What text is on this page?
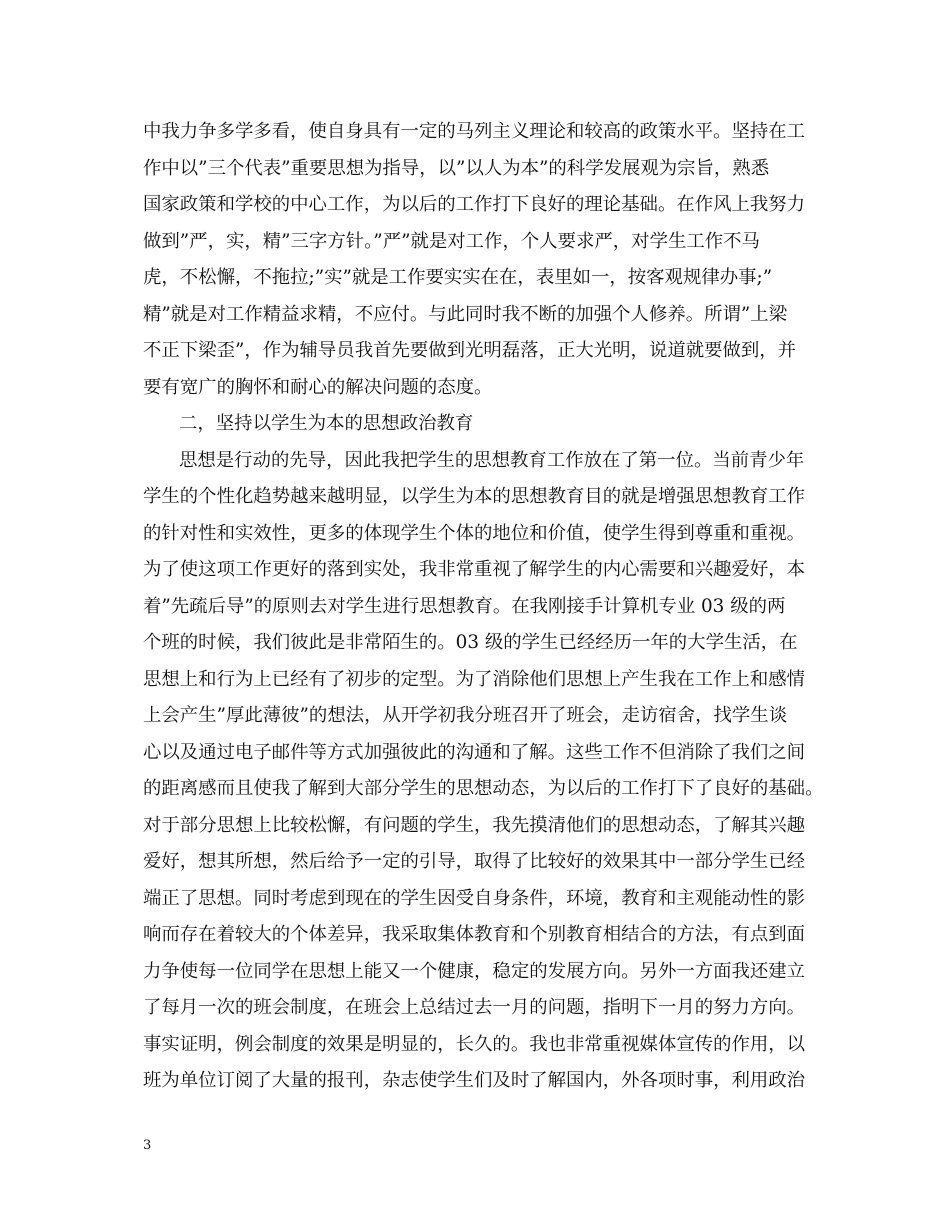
中我力争多学多看，使自身具有一定的马列主义理论和较高的政策水平。坚持在工
作中以”三个代表”重要思想为指导，以”以人为本”的科学发展观为宗旨，熟悉
国家政策和学校的中心工作，为以后的工作打下良好的理论基础。在作风上我努力
做到”严，实，精”三字方针。”严”就是对工作，个人要求严，对学生工作不马
虎，不松懈，不拖拉;”实”就是工作要实实在在，表里如一，按客观规律办事;”
精”就是对工作精益求精，不应付。与此同时我不断的加强个人修养。所谓”上梁
不正下梁歪”，作为辅导员我首先要做到光明磊落，正大光明，说道就要做到，并
要有宽广的胸怀和耐心的解决问题的态度。
二，坚持以学生为本的思想政治教育
思想是行动的先导，因此我把学生的思想教育工作放在了第一位。当前青少年
学生的个性化趋势越来越明显，以学生为本的思想教育目的就是增强思想教育工作
的针对性和实效性，更多的体现学生个体的地位和价值，使学生得到尊重和重视。
为了使这项工作更好的落到实处，我非常重视了解学生的内心需要和兴趣爱好，本
着”先疏后导”的原则去对学生进行思想教育。在我刚接手计算机专业 03 级的两
个班的时候，我们彼此是非常陌生的。03 级的学生已经经历一年的大学生活，在
思想上和行为上已经有了初步的定型。为了消除他们思想上产生我在工作上和感情
上会产生”厚此薄彼”的想法，从开学初我分班召开了班会，走访宿舍，找学生谈
心以及通过电子邮件等方式加强彼此的沟通和了解。这些工作不但消除了我们之间
的距离感而且使我了解到大部分学生的思想动态，为以后的工作打下了良好的基础。
对于部分思想上比较松懈，有问题的学生，我先摸清他们的思想动态，了解其兴趣
爱好，想其所想，然后给予一定的引导，取得了比较好的效果其中一部分学生已经
端正了思想。同时考虑到现在的学生因受自身条件，环境，教育和主观能动性的影
响而存在着较大的个体差异，我采取集体教育和个别教育相结合的方法，有点到面
力争使每一位同学在思想上能又一个健康，稳定的发展方向。另外一方面我还建立
了每月一次的班会制度，在班会上总结过去一月的问题，指明下一月的努力方向。
事实证明，例会制度的效果是明显的，长久的。我也非常重视媒体宣传的作用，以
班为单位订阅了大量的报刊，杂志使学生们及时了解国内，外各项时事，利用政治
3
